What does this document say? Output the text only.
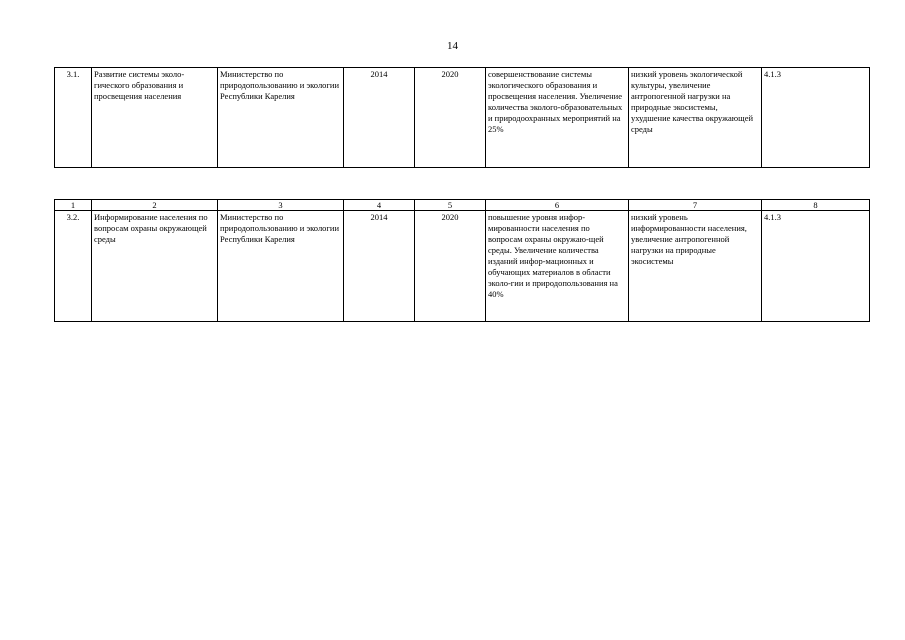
14
3.1.	Развитие системы эколо-гического образования и просвещения населения	Министерство по природопользованию и экологии Республики Карелия	2014	2020	совершенствование системы экологического образования и просвещения населения. Увеличение количества эколого-образовательных и природоохранных мероприятий на 25%	низкий уровень экологической культуры, увеличение антропогенной нагрузки на природные экосистемы, ухудшение качества окружающей среды	4.1.3
1	2	3	4	5	6	7	8
3.2.	Информирование населения по вопросам охраны окружающей среды	Министерство по природопользованию и экологии Республики Карелия	2014	2020	повышение уровня инфор-мированности населения по вопросам охраны окружаю-щей среды. Увеличение количества изданий инфор-мационных и обучающих материалов в области эколо-гии и природопользования на 40%	низкий уровень информированности населения, увеличение антропогенной нагрузки на природные экосистемы	4.1.3
